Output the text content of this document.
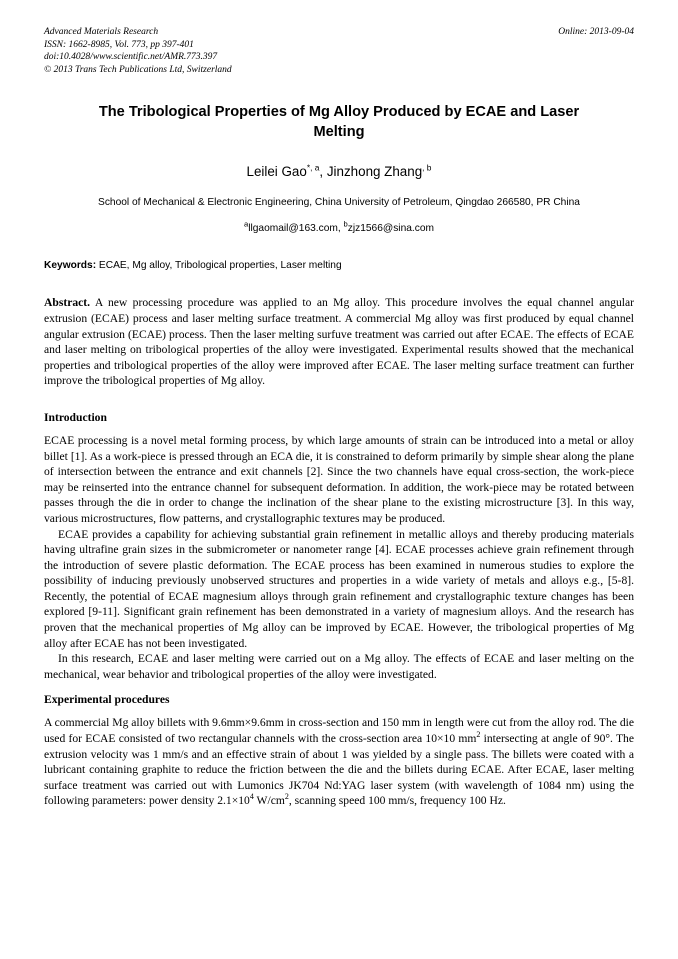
Advanced Materials Research
ISSN: 1662-8985, Vol. 773, pp 397-401
doi:10.4028/www.scientific.net/AMR.773.397
© 2013 Trans Tech Publications Ltd, Switzerland
Online: 2013-09-04
The Tribological Properties of Mg Alloy Produced by ECAE and Laser Melting
Leilei Gao$^{*, a}$, Jinzhong Zhang$^{, b}$
School of Mechanical & Electronic Engineering, China University of Petroleum, Qingdao 266580, PR China
$^a$llgaomail@163.com, $^b$zjz1566@sina.com
Keywords: ECAE, Mg alloy, Tribological properties, Laser melting
Abstract. A new processing procedure was applied to an Mg alloy. This procedure involves the equal channel angular extrusion (ECAE) process and laser melting surface treatment. A commercial Mg alloy was first produced by equal channel angular extrusion (ECAE) process. Then the laser melting surfuve treatment was carried out after ECAE. The effects of ECAE and laser melting on tribological properties of the alloy were investigated. Experimental results showed that the mechanical properties and tribological properties of the alloy were improved after ECAE. The laser melting surface treatment can further improve the tribological properties of Mg alloy.
Introduction

ECAE processing is a novel metal forming process, by which large amounts of strain can be introduced into a metal or alloy billet [1]. As a work-piece is pressed through an ECA die, it is constrained to deform primarily by simple shear along the plane of intersection between the entrance and exit channels [2]. Since the two channels have equal cross-section, the work-piece may be reinserted into the entrance channel for subsequent deformation. In addition, the work-piece may be rotated between passes through the die in order to change the inclination of the shear plane to the existing microstructure [3]. In this way, various microstructures, flow patterns, and crystallographic textures may be produced.

ECAE provides a capability for achieving substantial grain refinement in metallic alloys and thereby producing materials having ultrafine grain sizes in the submicrometer or nanometer range [4]. ECAE processes achieve grain refinement through the introduction of severe plastic deformation. The ECAE process has been examined in numerous studies to explore the possibility of inducing previously unobserved structures and properties in a wide variety of metals and alloys e.g., [5-8]. Recently, the potential of ECAE magnesium alloys through grain refinement and crystallographic texture changes has been explored [9-11]. Significant grain refinement has been demonstrated in a variety of magnesium alloys. And the research has proven that the mechanical properties of Mg alloy can be improved by ECAE. However, the tribological properties of Mg alloy after ECAE has not been investigated.

In this research, ECAE and laser melting were carried out on a Mg alloy. The effects of ECAE and laser melting on the mechanical, wear behavior and tribological properties of the alloy were investigated.

Experimental procedures

A commercial Mg alloy billets with 9.6mm×9.6mm in cross-section and 150 mm in length were cut from the alloy rod. The die used for ECAE consisted of two rectangular channels with the cross-section area 10×10 $mm^2$ intersecting at angle of 90°. The extrusion velocity was 1 mm/s and an effective strain of about 1 was yielded by a single pass. The billets were coated with a lubricant containing graphite to reduce the friction between the die and the billets during ECAE. After ECAE, laser melting surface treatment was carried out with Lumonics JK704 Nd:YAG laser system (with wavelength of 1084 nm) using the following parameters: power density $2.1\times 10^4$ $W/cm^2$, scanning speed 100 mm/s, frequency 100 Hz.
